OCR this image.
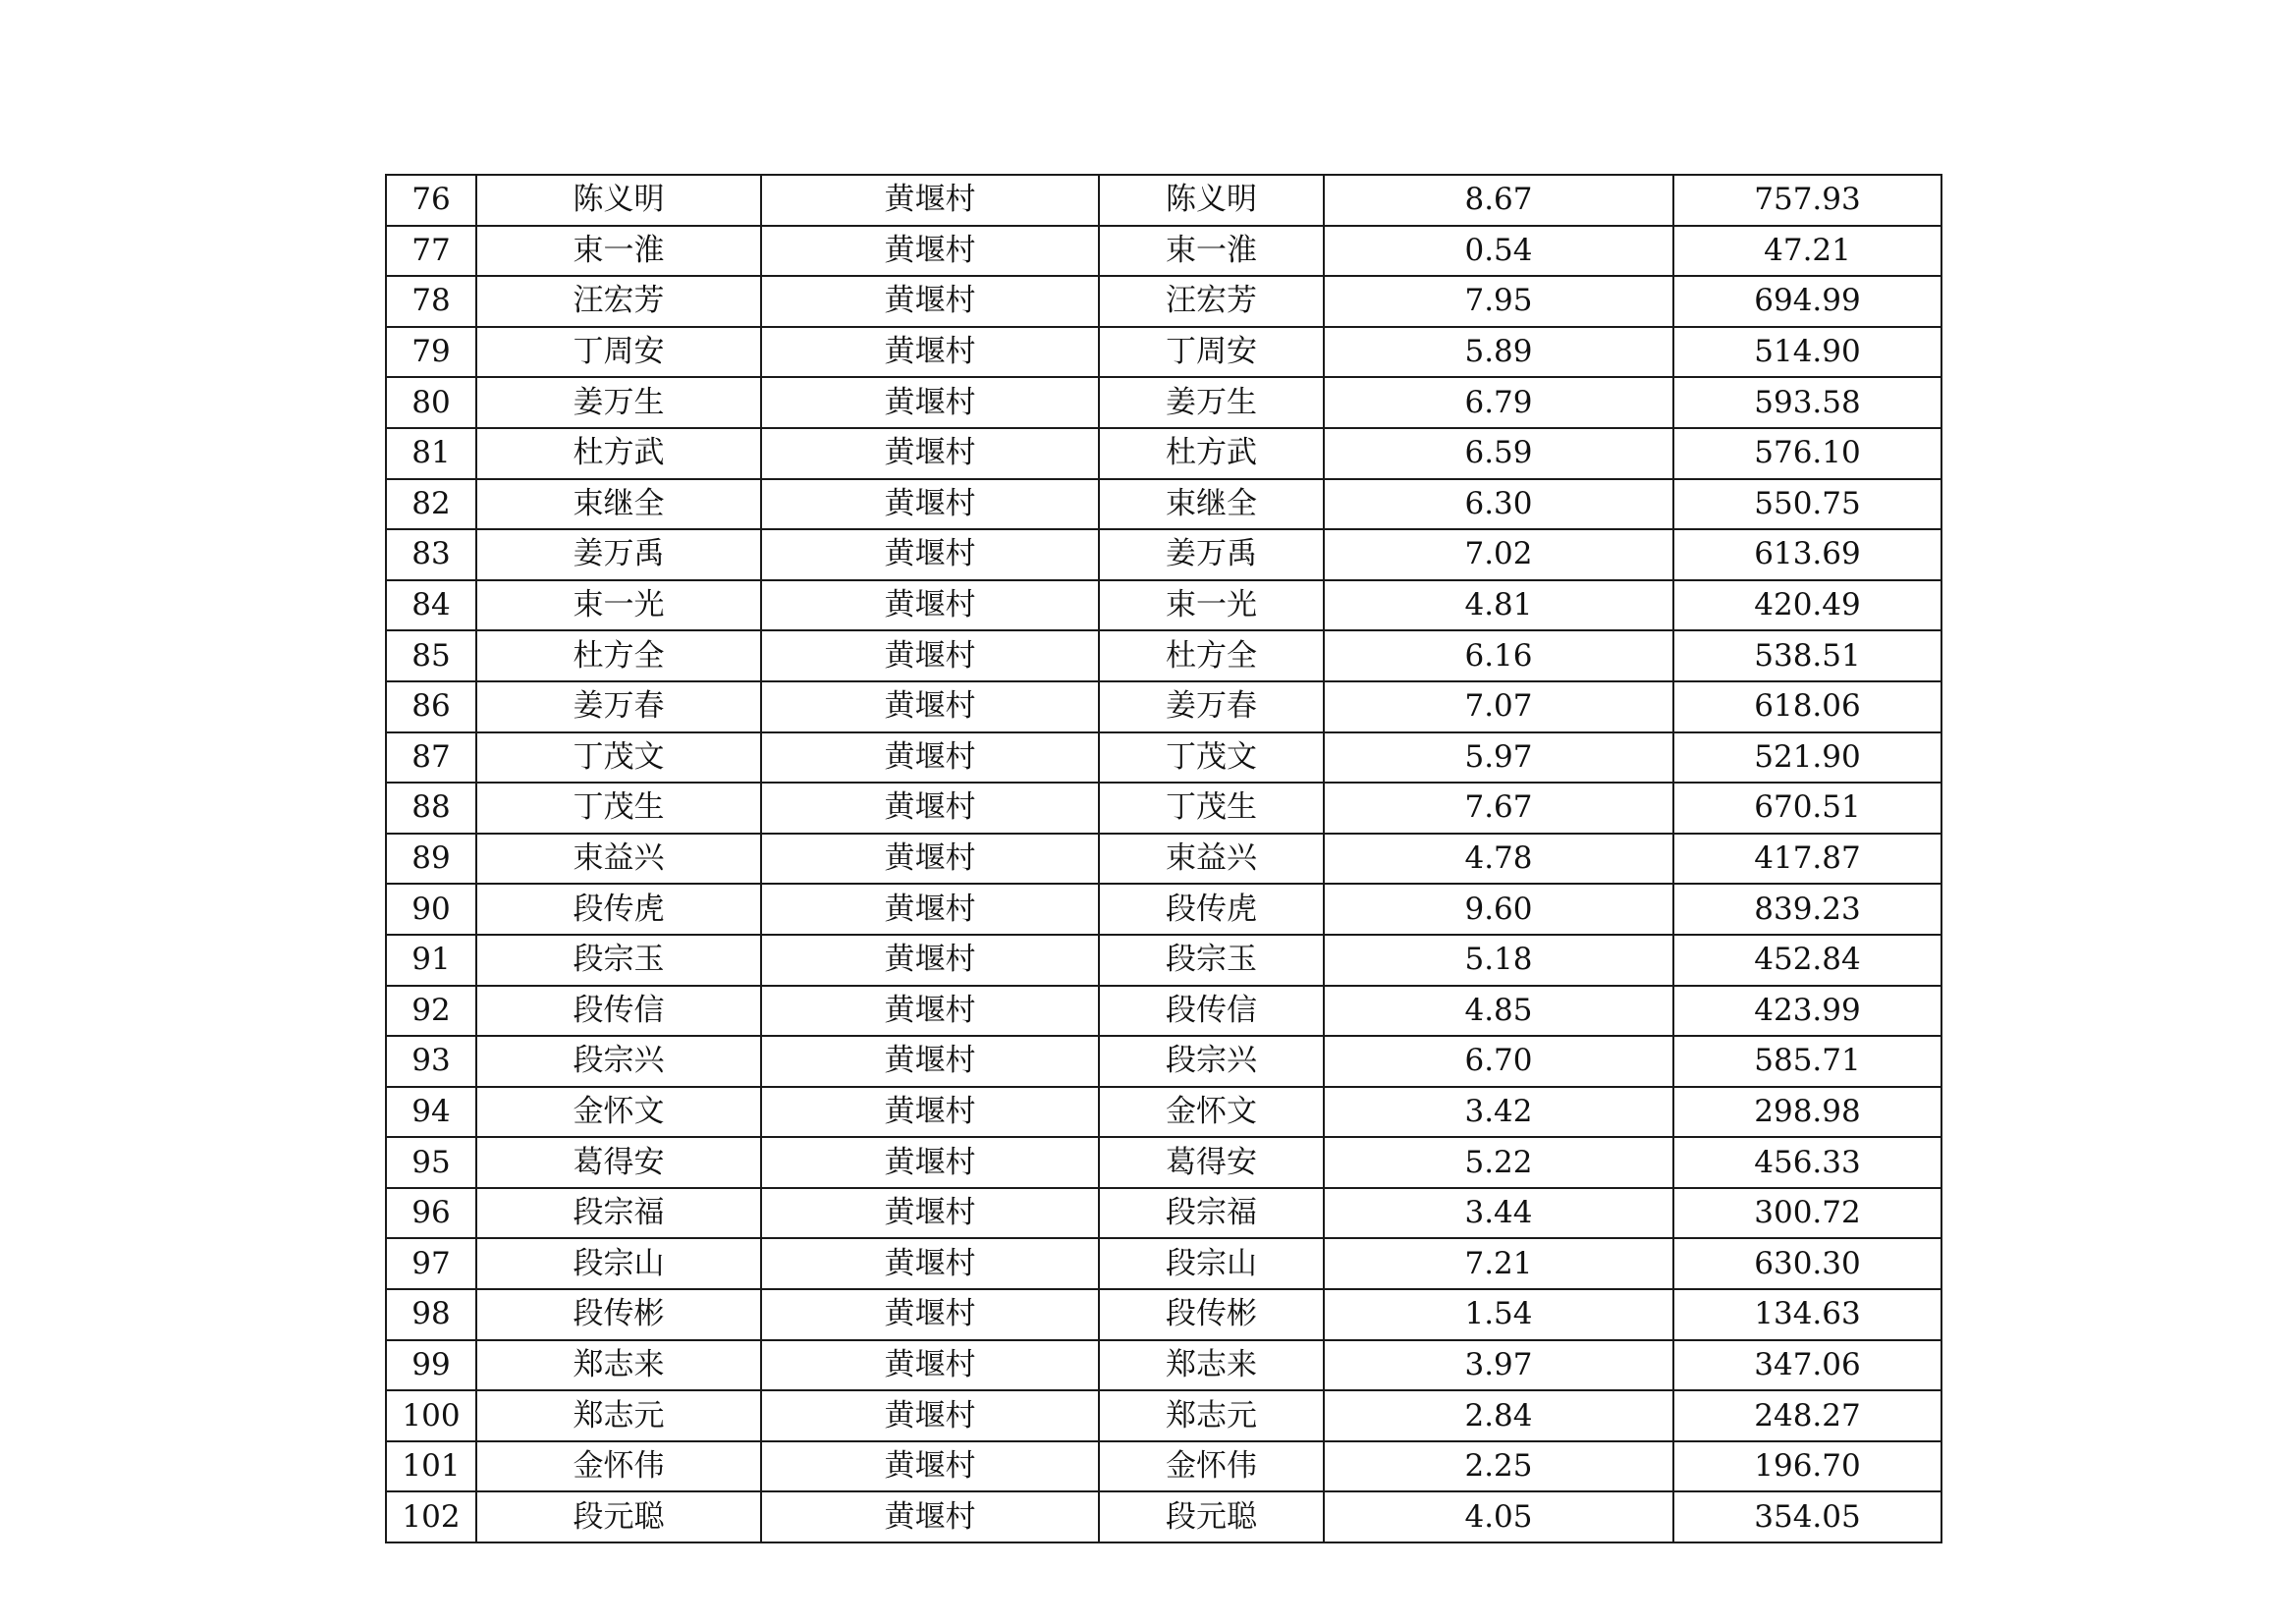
76	陈义明	黄堰村	陈义明	8.67	757.93
77	束一淮	黄堰村	束一淮	0.54	47.21
78	汪宏芳	黄堰村	汪宏芳	7.95	694.99
79	丁周安	黄堰村	丁周安	5.89	514.90
80	姜万生	黄堰村	姜万生	6.79	593.58
81	杜方武	黄堰村	杜方武	6.59	576.10
82	束继全	黄堰村	束继全	6.30	550.75
83	姜万禹	黄堰村	姜万禹	7.02	613.69
84	束一光	黄堰村	束一光	4.81	420.49
85	杜方全	黄堰村	杜方全	6.16	538.51
86	姜万春	黄堰村	姜万春	7.07	618.06
87	丁茂文	黄堰村	丁茂文	5.97	521.90
88	丁茂生	黄堰村	丁茂生	7.67	670.51
89	束益兴	黄堰村	束益兴	4.78	417.87
90	段传虎	黄堰村	段传虎	9.60	839.23
91	段宗玉	黄堰村	段宗玉	5.18	452.84
92	段传信	黄堰村	段传信	4.85	423.99
93	段宗兴	黄堰村	段宗兴	6.70	585.71
94	金怀文	黄堰村	金怀文	3.42	298.98
95	葛得安	黄堰村	葛得安	5.22	456.33
96	段宗福	黄堰村	段宗福	3.44	300.72
97	段宗山	黄堰村	段宗山	7.21	630.30
98	段传彬	黄堰村	段传彬	1.54	134.63
99	郑志来	黄堰村	郑志来	3.97	347.06
100	郑志元	黄堰村	郑志元	2.84	248.27
101	金怀伟	黄堰村	金怀伟	2.25	196.70
102	段元聪	黄堰村	段元聪	4.05	354.05
